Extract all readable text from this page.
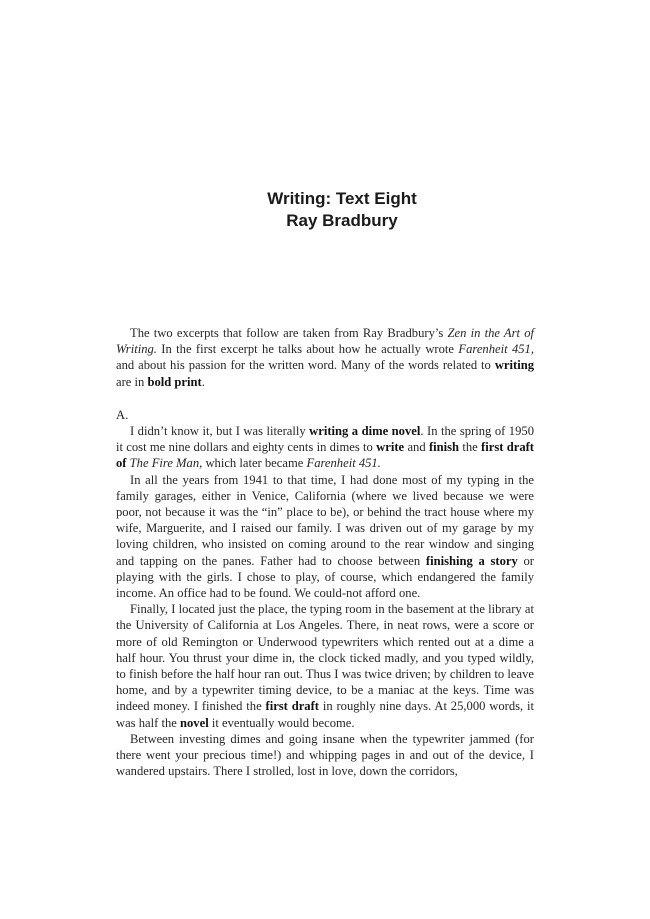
Writing: Text Eight
Ray Bradbury

The two excerpts that follow are taken from Ray Bradbury’s Zen in the Art of Writing. In the first excerpt he talks about how he actually wrote Farenheit 451, and about his passion for the written word. Many of the words related to writing are in bold print.

A.

I didn’t know it, but I was literally writing a dime novel. In the spring of 1950 it cost me nine dollars and eighty cents in dimes to write and finish the first draft of The Fire Man, which later became Farenheit 451.

In all the years from 1941 to that time, I had done most of my typing in the family garages, either in Venice, California (where we lived because we were poor, not because it was the “in” place to be), or behind the tract house where my wife, Marguerite, and I raised our family. I was driven out of my garage by my loving children, who insisted on coming around to the rear window and singing and tapping on the panes. Father had to choose between finishing a story or playing with the girls. I chose to play, of course, which endangered the family income. An office had to be found. We could-not afford one.

Finally, I located just the place, the typing room in the basement at the library at the University of California at Los Angeles. There, in neat rows, were a score or more of old Remington or Underwood typewriters which rented out at a dime a half hour. You thrust your dime in, the clock ticked madly, and you typed wildly, to finish before the half hour ran out. Thus I was twice driven; by children to leave home, and by a typewriter timing device, to be a maniac at the keys. Time was indeed money. I finished the first draft in roughly nine days. At 25,000 words, it was half the novel it eventually would become.

Between investing dimes and going insane when the typewriter jammed (for there went your precious time!) and whipping pages in and out of the device, I wandered upstairs. There I strolled, lost in love, down the corridors,
